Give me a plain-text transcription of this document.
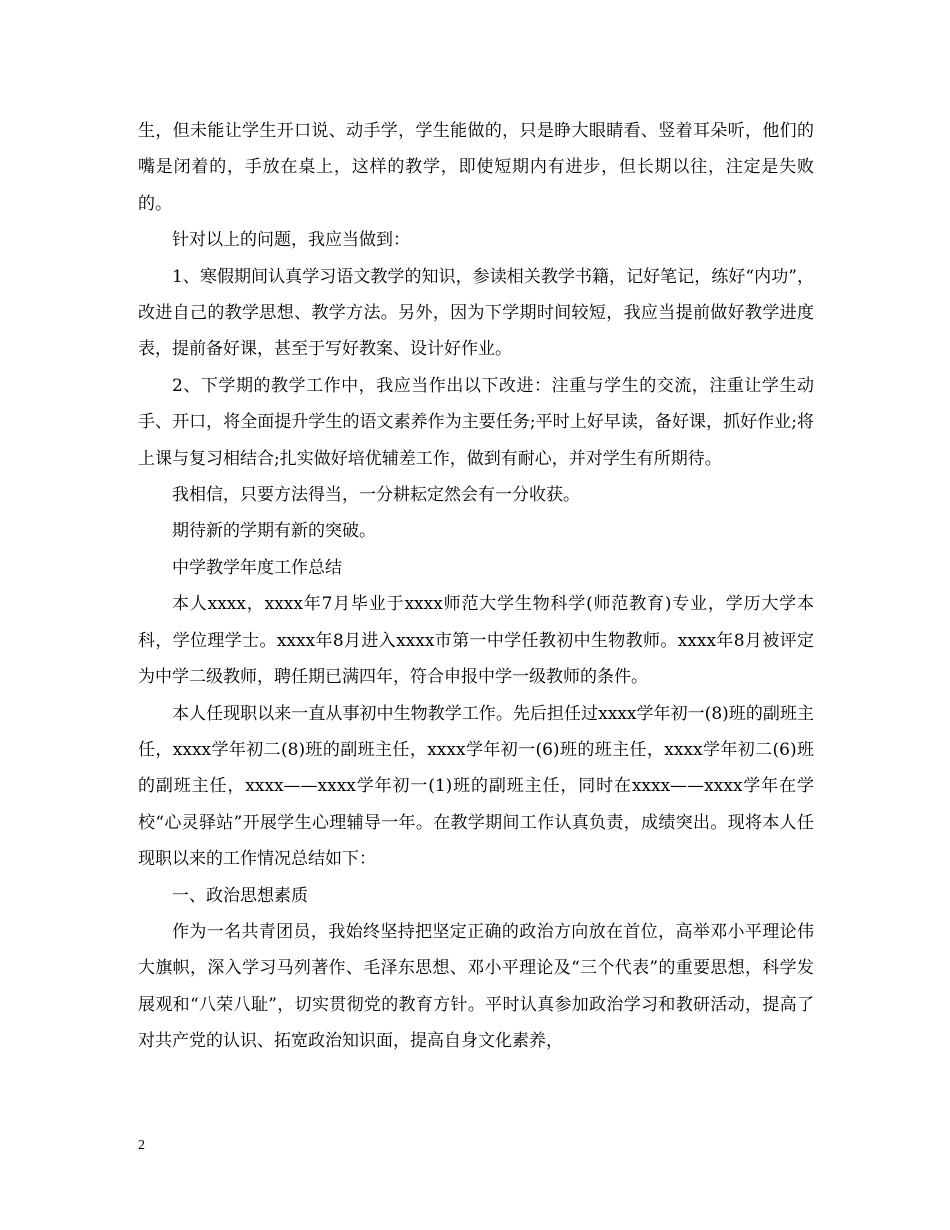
生，但未能让学生开口说、动手学，学生能做的，只是睁大眼睛看、竖着耳朵听，他们的嘴是闭着的，手放在桌上，这样的教学，即使短期内有进步，但长期以往，注定是失败的。

针对以上的问题，我应当做到：

1、寒假期间认真学习语文教学的知识，参读相关教学书籍，记好笔记，练好“内功”，改进自己的教学思想、教学方法。另外，因为下学期时间较短，我应当提前做好教学进度表，提前备好课，甚至于写好教案、设计好作业。

2、下学期的教学工作中，我应当作出以下改进：注重与学生的交流，注重让学生动手、开口，将全面提升学生的语文素养作为主要任务;平时上好早读，备好课，抓好作业;将上课与复习相结合;扎实做好培优辅差工作，做到有耐心，并对学生有所期待。

我相信，只要方法得当，一分耕耘定然会有一分收获。

期待新的学期有新的突破。

中学教学年度工作总结

本人xxxx，xxxx年7月毕业于xxxx师范大学生物科学(师范教育)专业，学历大学本科，学位理学士。xxxx年8月进入xxxx市第一中学任教初中生物教师。xxxx年8月被评定为中学二级教师，聘任期已满四年，符合申报中学一级教师的条件。

本人任现职以来一直从事初中生物教学工作。先后担任过xxxx学年初一(8)班的副班主任，xxxx学年初二(8)班的副班主任，xxxx学年初一(6)班的班主任，xxxx学年初二(6)班的副班主任，xxxx——xxxx学年初一(1)班的副班主任，同时在xxxx——xxxx学年在学校“心灵驿站”开展学生心理辅导一年。在教学期间工作认真负责，成绩突出。现将本人任现职以来的工作情况总结如下：

一、政治思想素质

作为一名共青团员，我始终坚持把坚定正确的政治方向放在首位，高举邓小平理论伟大旗帜，深入学习马列著作、毛泽东思想、邓小平理论及“三个代表”的重要思想，科学发展观和“八荣八耻”，切实贯彻党的教育方针。平时认真参加政治学习和教研活动，提高了对共产党的认识、拓宽政治知识面，提高自身文化素养，

2
